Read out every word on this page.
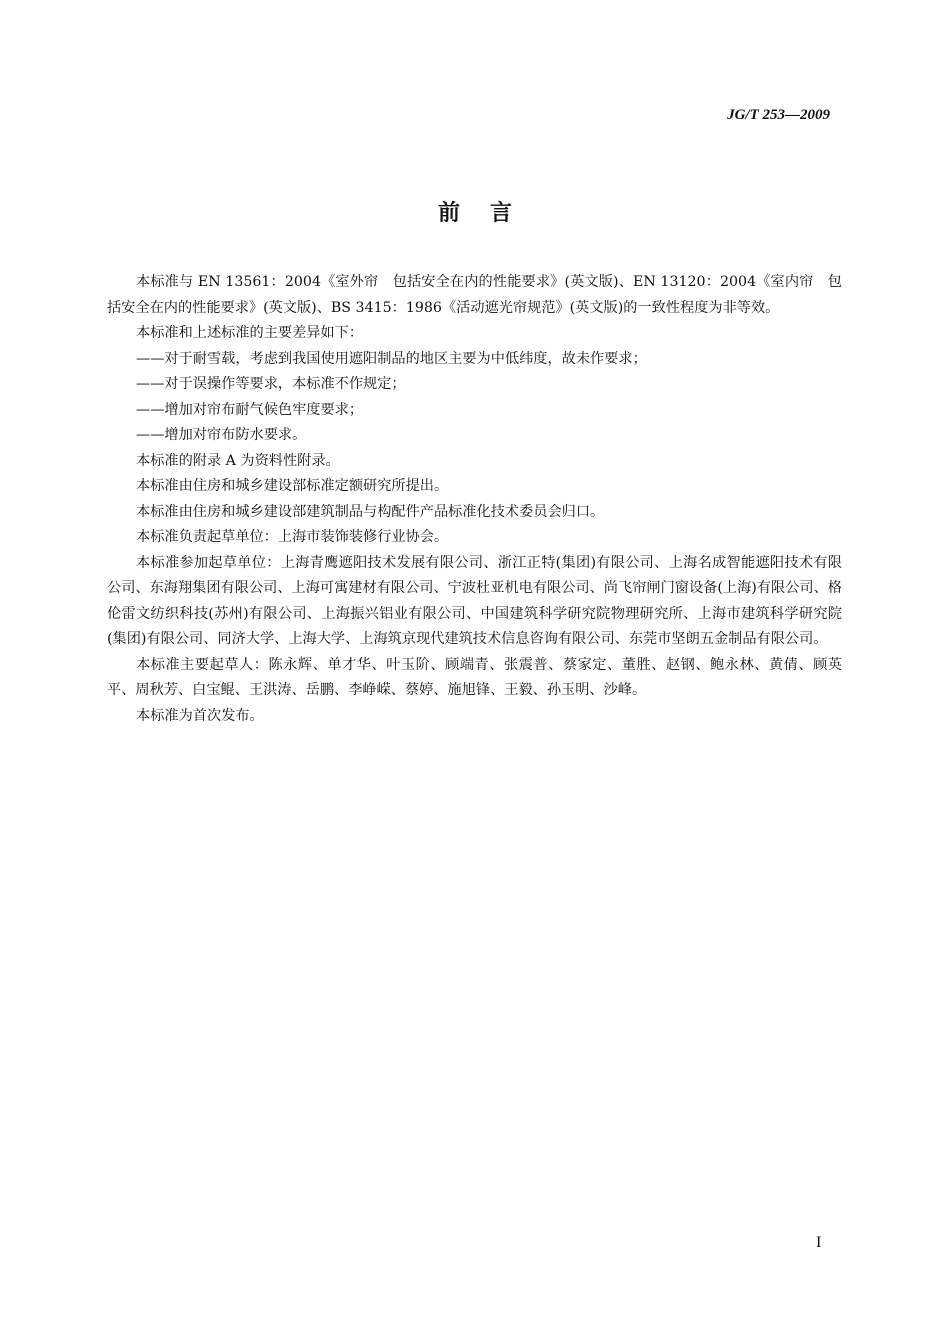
JG/T 253—2009
前 言

本标准与 EN 13561：2004《室外帘　包括安全在内的性能要求》(英文版)、EN 13120：2004《室内帘　包括安全在内的性能要求》(英文版)、BS 3415：1986《活动遮光帘规范》(英文版)的一致性程度为非等效。

本标准和上述标准的主要差异如下：

——对于耐雪载，考虑到我国使用遮阳制品的地区主要为中低纬度，故未作要求；

——对于误操作等要求，本标准不作规定；

——增加对帘布耐气候色牢度要求；

——增加对帘布防水要求。

本标准的附录 A 为资料性附录。

本标准由住房和城乡建设部标准定额研究所提出。

本标准由住房和城乡建设部建筑制品与构配件产品标准化技术委员会归口。

本标准负责起草单位：上海市装饰装修行业协会。

本标准参加起草单位：上海青鹰遮阳技术发展有限公司、浙江正特(集团)有限公司、上海名成智能遮阳技术有限公司、东海翔集团有限公司、上海可寓建材有限公司、宁波杜亚机电有限公司、尚飞帘闸门窗设备(上海)有限公司、格伦雷文纺织科技(苏州)有限公司、上海振兴铝业有限公司、中国建筑科学研究院物理研究所、上海市建筑科学研究院(集团)有限公司、同济大学、上海大学、上海筑京现代建筑技术信息咨询有限公司、东莞市坚朗五金制品有限公司。

本标准主要起草人：陈永辉、单才华、叶玉阶、顾端青、张震普、蔡家定、董胜、赵钢、鲍永林、黄倩、顾英平、周秋芳、白宝鲲、王洪涛、岳鹏、李峥嵘、蔡婷、施旭锋、王毅、孙玉明、沙峰。

本标准为首次发布。

I
